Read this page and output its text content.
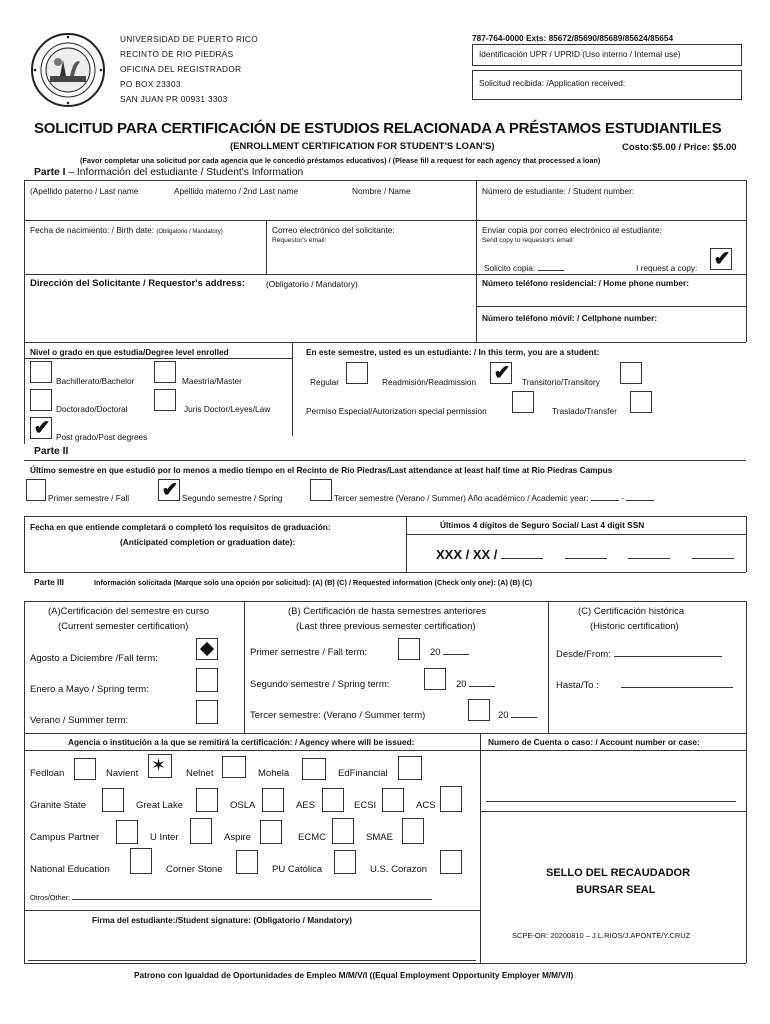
UNIVERSIDAD DE PUERTO RICO
RECINTO DE RIO PIEDRAS
OFICINA DEL REGISTRADOR
PO BOX 23303
SAN JUAN PR 00931 3303
787-764-0000 Exts: 85672/85690/85689/85624/85654
Identificación UPR / UPRID (Uso interno / Internal use)
Solicitud recibida: /Application received:
SOLICITUD PARA CERTIFICACIÓN DE ESTUDIOS RELACIONADA A PRÉSTAMOS ESTUDIANTILES
(ENROLLMENT CERTIFICATION FOR STUDENT'S LOAN'S)	Costo:$5.00 / Price: $5.00
(Favor completar una solicitud por cada agencia que le concedió préstamos educativos) / (Please fill a request for each agency that processed a loan)
Parte I – Información del estudiante / Student's Information
(Apellido paterno / Last name	Apellido materno / 2nd Last name	Nombre / Name	Número de estudiante: / Student number:
Fecha de nacimiento: / Birth date: (Obligatorio / Mandatory)	Correo electrónico del solicitante:
Requestor's email:
Enviar copia por correo electrónico al estudiante:
Send copy to requestor's email:
Solicito copia:	I request a copy: ✔
Dirección del Solicitante / Requestor's address:	(Obligatorio / Mandatory)	Número teléfono residencial: / Home phone number:
Número teléfono móvil: / Cellphone number:
Nivel o grado en que estudia/Degree level enrolled
Bachillerato/Bachelor	Maestría/Master
Doctorado/Doctoral	Juris Doctor/Leyes/Law
✔ Post grado/Post degrees
En este semestre, usted es un estudiante: / In this term, you are a student:
Regular	Readmisión/Readmission ✔	Transitorio/Transitory
Permiso Especial/Autorization special permission	Traslado/Transfer
Parte II
Último semestre en que estudió por lo menos a medio tiempo en el Recinto de Río Piedras/Last attendance at least half time at Rio Piedras Campus
Primer semestre / Fall ✔ Segundo semestre / Spring	Tercer semestre (Verano / Summer) Año académico / Academic year:	-
Fecha en que entiende completará o completó los requisitos de graduación:
(Anticipated completion or graduation date):
Últimos 4 dígitos de Seguro Social/ Last 4 digit SSN
XXX / XX /
Parte III	Información solicitada (Marque solo una opción por solicitud): (A) (B) (C) / Requested information (Check only one): (A) (B) (C)
(A)Certificación del semestre en curso
(Current semester certification)
(B) Certificación de hasta semestres anteriores
(Last three previous semester certification)
(C) Certificación histórica
(Historic certification)
Agosto a Diciembre /Fall term:
Enero a Mayo / Spring term:
Verano / Summer term:
Primer semestre / Fall term:	20
Segundo semestre / Spring term:	20
Tercer semestre: (Verano / Summer term)	20
Desde/From:
Hasta/To :
Agencia o institución a la que se remitirá la certificación: / Agency where will be issued:	Numero de Cuenta o caso: / Account number or case:
Fedloan	Navient ✶ Nelnet	Mohela	EdFinancial
Granite State	Great Lake	OSLA	AES	ECSI	ACS
Campus Partner	U Inter	Aspire	ECMC	SMAE
National Education	Corner Stone	PU Católica	U.S. Corazon
Otros/Other:
Firma del estudiante:/Student signature: (Obligatorio / Mandatory)
SELLO DEL RECAUDADOR
BURSAR SEAL
SCPE-OR: 20200810 – J.L.RIOS/J.APONTE/Y.CRUZ
Patrono con Igualdad de Oportunidades de Empleo M/M/V/I ((Equal Employment Opportunity Employer M/M/V/I)
